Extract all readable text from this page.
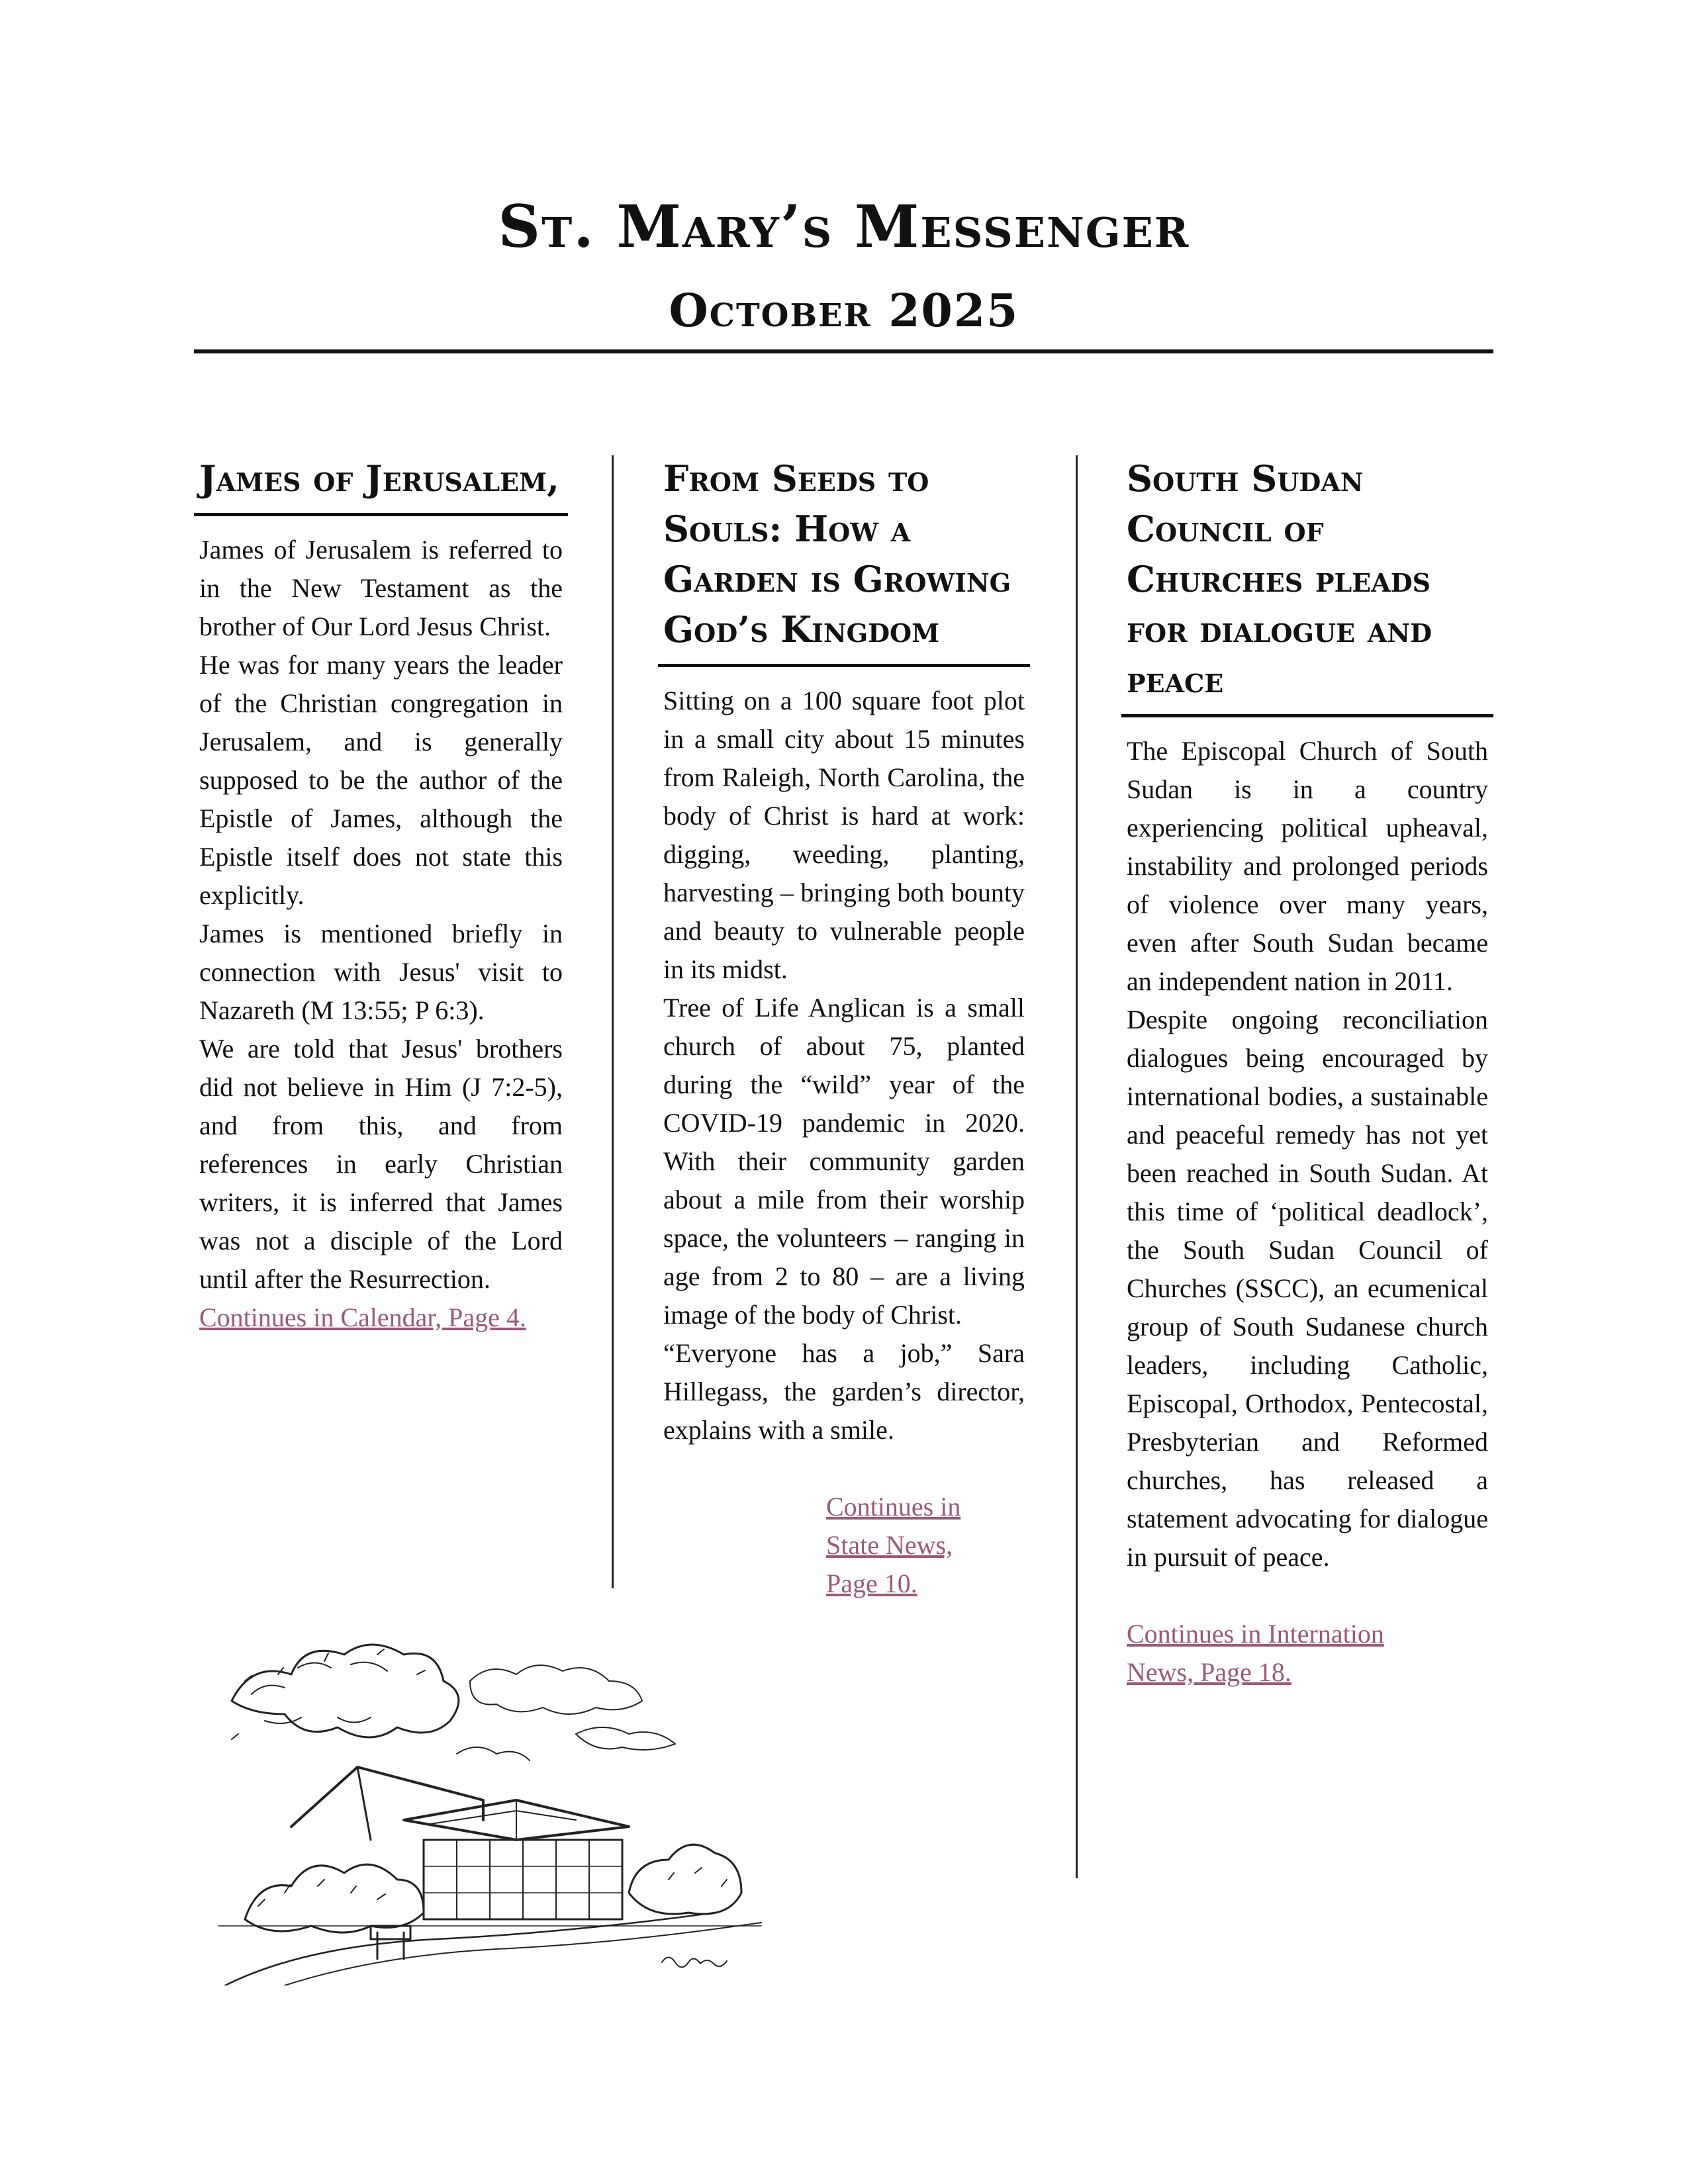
St. Mary’s Messenger
October 2025
James of Jerusalem,

James of Jerusalem is referred to in the New Testament as the brother of Our Lord Jesus Christ.

He was for many years the leader of the Christian congregation in Jerusalem, and is generally supposed to be the author of the Epistle of James, although the Epistle itself does not state this explicitly.

James is mentioned briefly in connection with Jesus' visit to Nazareth (M 13:55; P 6:3).

We are told that Jesus' brothers did not believe in Him (J 7:2-5), and from this, and from references in early Christian writers, it is inferred that James was not a disciple of the Lord until after the Resurrection.

Continues in Calendar, Page 4.
From Seeds to Souls: How a Garden is Growing God’s Kingdom

Sitting on a 100 square foot plot in a small city about 15 minutes from Raleigh, North Carolina, the body of Christ is hard at work: digging, weeding, planting, harvesting – bringing both bounty and beauty to vulnerable people in its midst.

Tree of Life Anglican is a small church of about 75, planted during the “wild” year of the COVID-19 pandemic in 2020. With their community garden about a mile from their worship space, the volunteers – ranging in age from 2 to 80 – are a living image of the body of Christ.

“Everyone has a job,” Sara Hillegass, the garden’s director, explains with a smile.

Continues in State News, Page 10.
South Sudan Council of Churches pleads for dialogue and peace

The Episcopal Church of South Sudan is in a country experiencing political upheaval, instability and prolonged periods of violence over many years, even after South Sudan became an independent nation in 2011.

Despite ongoing reconciliation dialogues being encouraged by international bodies, a sustainable and peaceful remedy has not yet been reached in South Sudan. At this time of ‘political deadlock’, the South Sudan Council of Churches (SSCC), an ecumenical group of South Sudanese church leaders, including Catholic, Episcopal, Orthodox, Pentecostal, Presbyterian and Reformed churches, has released a statement advocating for dialogue in pursuit of peace.

Continues in Internation News, Page 18.
